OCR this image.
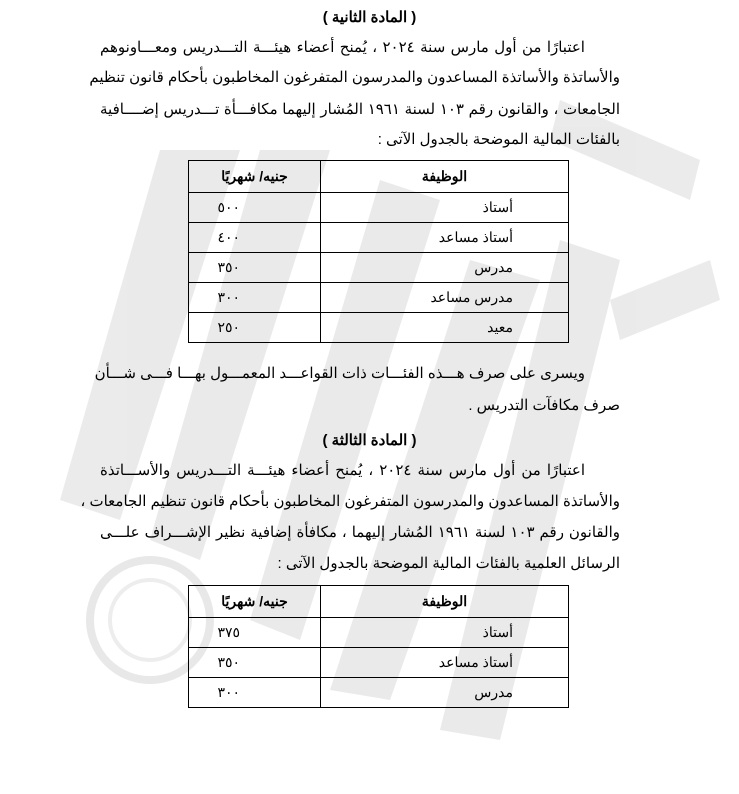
( المادة الثانية )
اعتبارًا من أول مارس سنة ٢٠٢٤ ، يُمنح أعضاء هيئـــة التـــدريس ومعـــاونوهم
والأساتذة والأساتذة المساعدون والمدرسون المتفرغون المخاطبون بأحكام قانون تنظيم
الجامعات ، والقانون رقم ١٠٣ لسنة ١٩٦١ المُشار إليهما مكافـــأة تـــدريس إضــــافية
بالفئات المالية الموضحة بالجدول الآتى :
الوظيفة	جنيه/ شهريًا
أستاذ	٥٠٠
أستاذ مساعد	٤٠٠
مدرس	٣٥٠
مدرس مساعد	٣٠٠
معيد	٢٥٠
ويسرى على صرف هـــذه الفئـــات ذات القواعـــد المعمـــول بهـــا فـــى شـــأن
صرف مكافآت التدريس .
( المادة الثالثة )
اعتبارًا من أول مارس سنة ٢٠٢٤ ، يُمنح أعضاء هيئـــة التـــدريس والأســـاتذة
والأساتذة المساعدون والمدرسون المتفرغون المخاطبون بأحكام قانون تنظيم الجامعات ،
والقانون رقم ١٠٣ لسنة ١٩٦١ المُشار إليهما ، مكافأة إضافية نظير الإشـــراف علـــى
الرسائل العلمية بالفئات المالية الموضحة بالجدول الآتى :
الوظيفة	جنيه/ شهريًا
أستاذ	٣٧٥
أستاذ مساعد	٣٥٠
مدرس	٣٠٠
